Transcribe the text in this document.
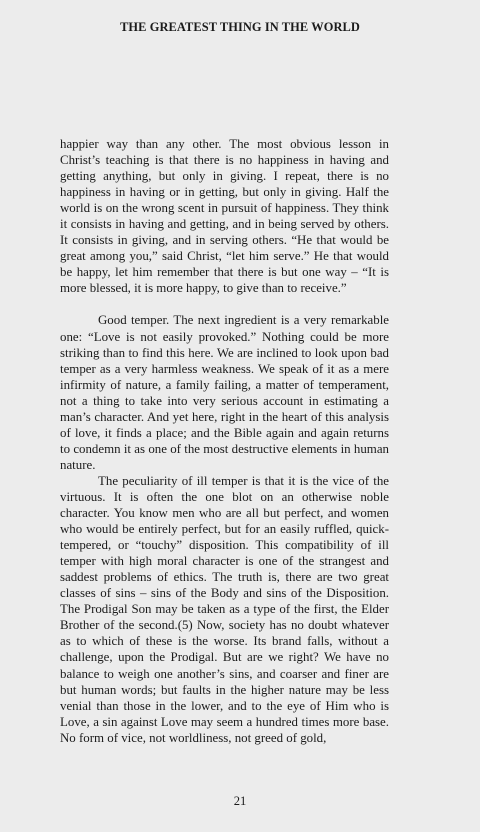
THE GREATEST THING IN THE WORLD

happier way than any other. The most obvious lesson in Christ’s teaching is that there is no happiness in having and getting anything, but only in giving. I repeat, there is no happiness in having or in getting, but only in giving. Half the world is on the wrong scent in pursuit of happiness. They think it consists in having and getting, and in being served by others. It consists in giving, and in serving others. “He that would be great among you,” said Christ, “let him serve.” He that would be happy, let him remember that there is but one way – “It is more blessed, it is more happy, to give than to receive.”

Good temper. The next ingredient is a very remarkable one: “Love is not easily provoked.” Nothing could be more striking than to find this here. We are inclined to look upon bad temper as a very harmless weakness. We speak of it as a mere infirmity of nature, a family failing, a matter of temperament, not a thing to take into very serious account in estimating a man’s character. And yet here, right in the heart of this analysis of love, it finds a place; and the Bible again and again returns to condemn it as one of the most destructive elements in human nature.

The peculiarity of ill temper is that it is the vice of the virtuous. It is often the one blot on an otherwise noble character. You know men who are all but perfect, and women who would be entirely perfect, but for an easily ruffled, quick-tempered, or “touchy” disposition. This compatibility of ill temper with high moral character is one of the strangest and saddest problems of ethics. The truth is, there are two great classes of sins – sins of the Body and sins of the Disposition. The Prodigal Son may be taken as a type of the first, the Elder Brother of the second.(5) Now, society has no doubt whatever as to which of these is the worse. Its brand falls, without a challenge, upon the Prodigal. But are we right? We have no balance to weigh one another’s sins, and coarser and finer are but human words; but faults in the higher nature may be less venial than those in the lower, and to the eye of Him who is Love, a sin against Love may seem a hundred times more base. No form of vice, not worldliness, not greed of gold,

21
